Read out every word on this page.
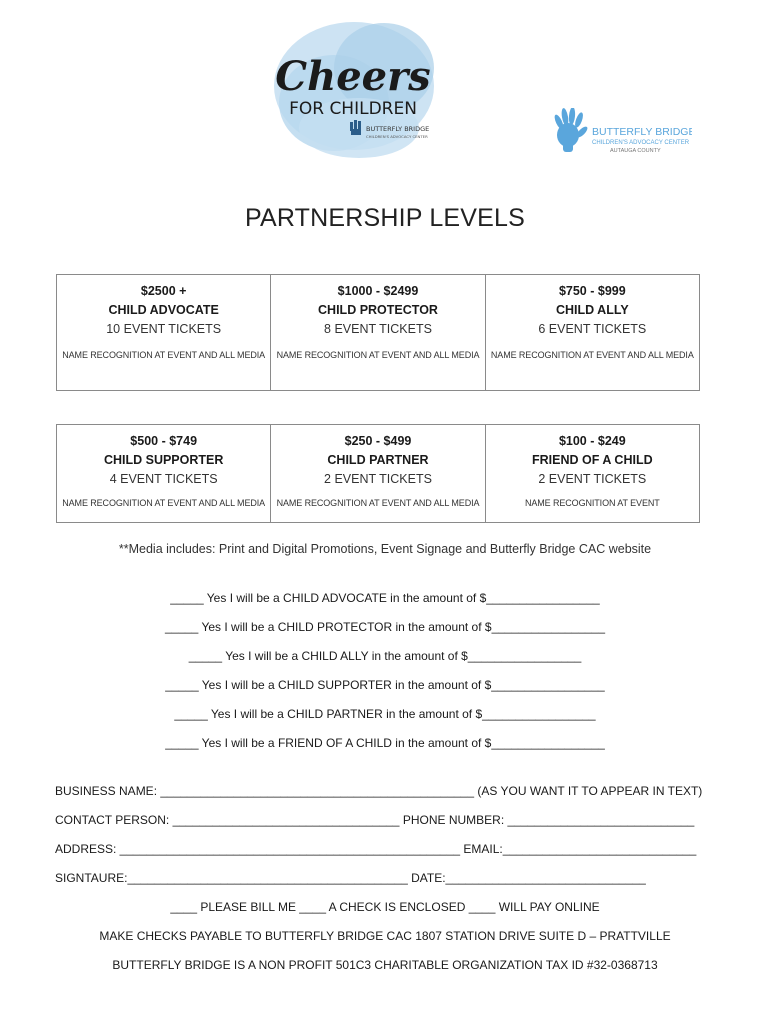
Cheers
FOR CHILDREN
BUTTERFLY BRIDGE
CHILDREN'S ADVOCACY CENTER	BUTTERFLY BRIDGE
CHILDREN'S ADVOCACY CENTER
AUTAUGA COUNTY
PARTNERSHIP LEVELS
$2500 +
CHILD ADVOCATE
10 EVENT TICKETS
NAME RECOGNITION AT EVENT AND ALL MEDIA
$1000 - $2499
CHILD PROTECTOR
8 EVENT TICKETS
NAME RECOGNITION AT EVENT AND ALL MEDIA
$750 - $999
CHILD ALLY
6 EVENT TICKETS
NAME RECOGNITION AT EVENT AND ALL MEDIA
$500 - $749
CHILD SUPPORTER
4 EVENT TICKETS
NAME RECOGNITION AT EVENT AND ALL MEDIA
$250 - $499
CHILD PARTNER
2 EVENT TICKETS
NAME RECOGNITION AT EVENT AND ALL MEDIA
$100 - $249
FRIEND OF A CHILD
2 EVENT TICKETS
NAME RECOGNITION AT EVENT
**Media includes: Print and Digital Promotions, Event Signage and Butterfly Bridge CAC website
_____ Yes I will be a CHILD ADVOCATE in the amount of $_________________
_____ Yes I will be a CHILD PROTECTOR in the amount of $_________________
_____ Yes I will be a CHILD ALLY in the amount of $_________________
_____ Yes I will be a CHILD SUPPORTER in the amount of $_________________
_____ Yes I will be a CHILD PARTNER in the amount of $_________________
_____ Yes I will be a FRIEND OF A CHILD in the amount of $_________________
BUSINESS NAME: _______________________________________________ (AS YOU WANT IT TO APPEAR IN TEXT)
CONTACT PERSON: __________________________________ PHONE NUMBER: ____________________________
ADDRESS: ___________________________________________________ EMAIL:_____________________________
SIGNTAURE:__________________________________________ DATE:______________________________
____ PLEASE BILL ME ____ A CHECK IS ENCLOSED ____ WILL PAY ONLINE
MAKE CHECKS PAYABLE TO BUTTERFLY BRIDGE CAC 1807 STATION DRIVE SUITE D – PRATTVILLE
BUTTERFLY BRIDGE IS A NON PROFIT 501C3 CHARITABLE ORGANIZATION TAX ID #32-0368713
